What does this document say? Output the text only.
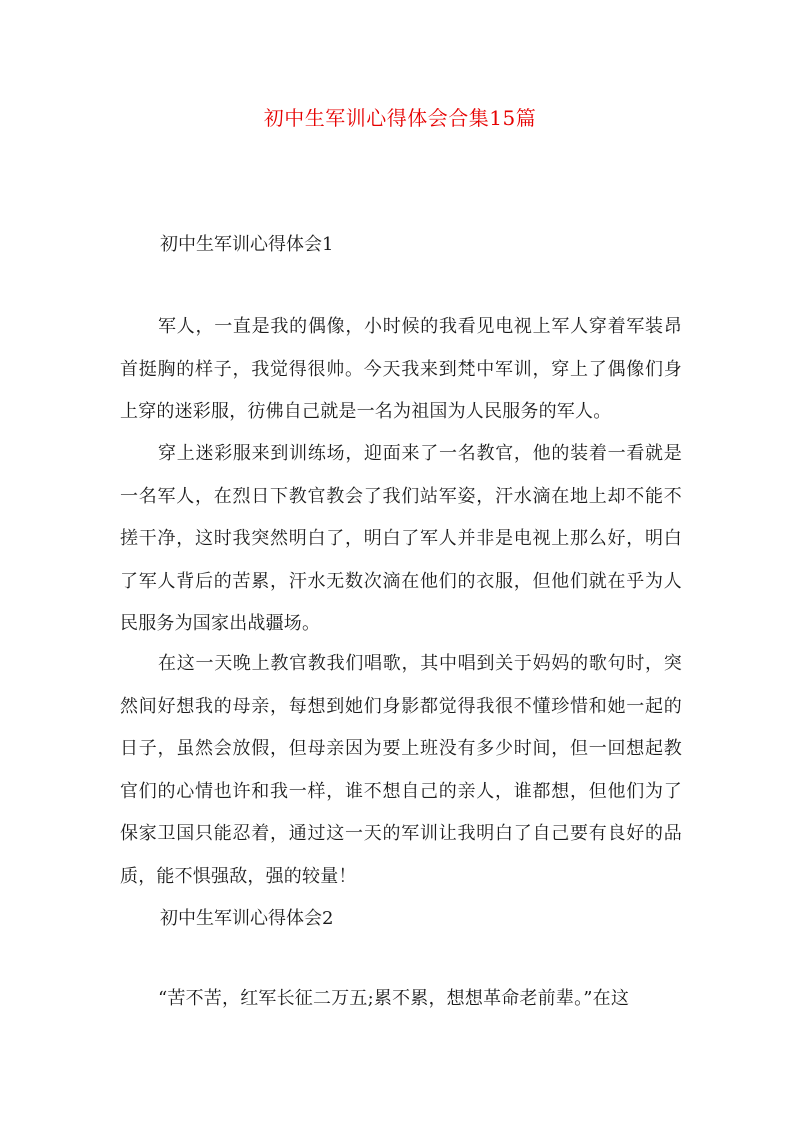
初中生军训心得体会合集15篇
初中生军训心得体会1

军人，一直是我的偶像，小时候的我看见电视上军人穿着军装昂首挺胸的样子，我觉得很帅。今天我来到梵中军训，穿上了偶像们身上穿的迷彩服，彷佛自己就是一名为祖国为人民服务的军人。

穿上迷彩服来到训练场，迎面来了一名教官，他的装着一看就是一名军人，在烈日下教官教会了我们站军姿，汗水滴在地上却不能不搓干净，这时我突然明白了，明白了军人并非是电视上那么好，明白了军人背后的苦累，汗水无数次滴在他们的衣服，但他们就在乎为人民服务为国家出战疆场。

在这一天晚上教官教我们唱歌，其中唱到关于妈妈的歌句时，突然间好想我的母亲，每想到她们身影都觉得我很不懂珍惜和她一起的日子，虽然会放假，但母亲因为要上班没有多少时间，但一回想起教官们的心情也许和我一样，谁不想自己的亲人，谁都想，但他们为了保家卫国只能忍着，通过这一天的军训让我明白了自己要有良好的品质，能不惧强敌，强的较量！

初中生军训心得体会2

“苦不苦，红军长征二万五;累不累，想想革命老前辈。”在这
